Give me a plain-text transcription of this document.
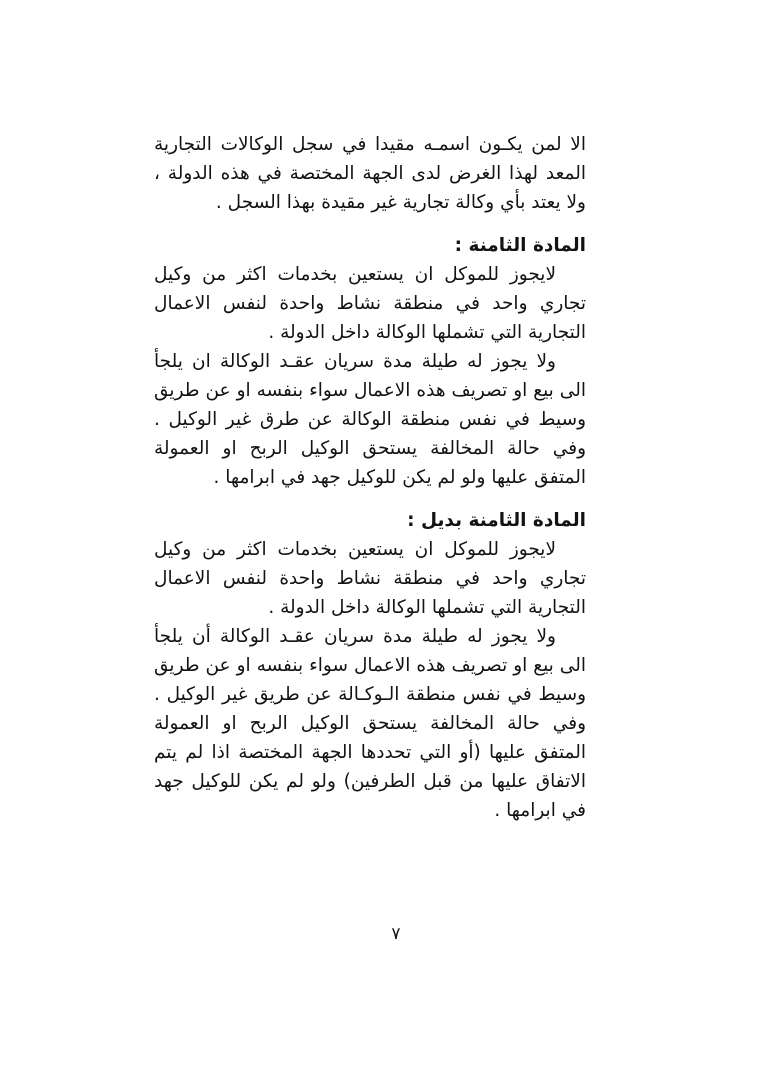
الا لمن يكـون اسمـه مقيدا في سجل الوكالات التجارية المعد لهذا الغرض لدى الجهة المختصة في هذه الدولة ، ولا يعتد بأي وكالة تجارية غير مقيدة بهذا السجل .

المادة الثامنة :

لايجوز للموكل ان يستعين بخدمات اكثر من وكيل تجاري واحد في منطقة نشاط واحدة لنفس الاعمال التجارية التي تشملها الوكالة داخل الدولة .

ولا يجوز له طيلة مدة سريان عقـد الوكالة ان يلجأ الى بيع او تصريف هذه الاعمال سواء بنفسه او عن طريق وسيط في نفس منطقة الوكالة عن طرق غير الوكيل . وفي حالة المخالفة يستحق الوكيل الربح او العمولة المتفق عليها ولو لم يكن للوكيل جهد في ابرامها .

المادة الثامنة بديل :

لايجوز للموكل ان يستعين بخدمات اكثر من وكيل تجاري واحد في منطقة نشاط واحدة لنفس الاعمال التجارية التي تشملها الوكالة داخل الدولة .

ولا يجوز له طيلة مدة سريان عقـد الوكالة أن يلجأ الى بيع او تصريف هذه الاعمال سواء بنفسه او عن طريق وسيط في نفس منطقة الـوكـالة عن طريق غير الوكيل . وفي حالة المخالفة يستحق الوكيل الربح او العمولة المتفق عليها (أو التي تحددها الجهة المختصة اذا لم يتم الاتفاق عليها من قبل الطرفين) ولو لم يكن للوكيل جهد في ابرامها .

٧
